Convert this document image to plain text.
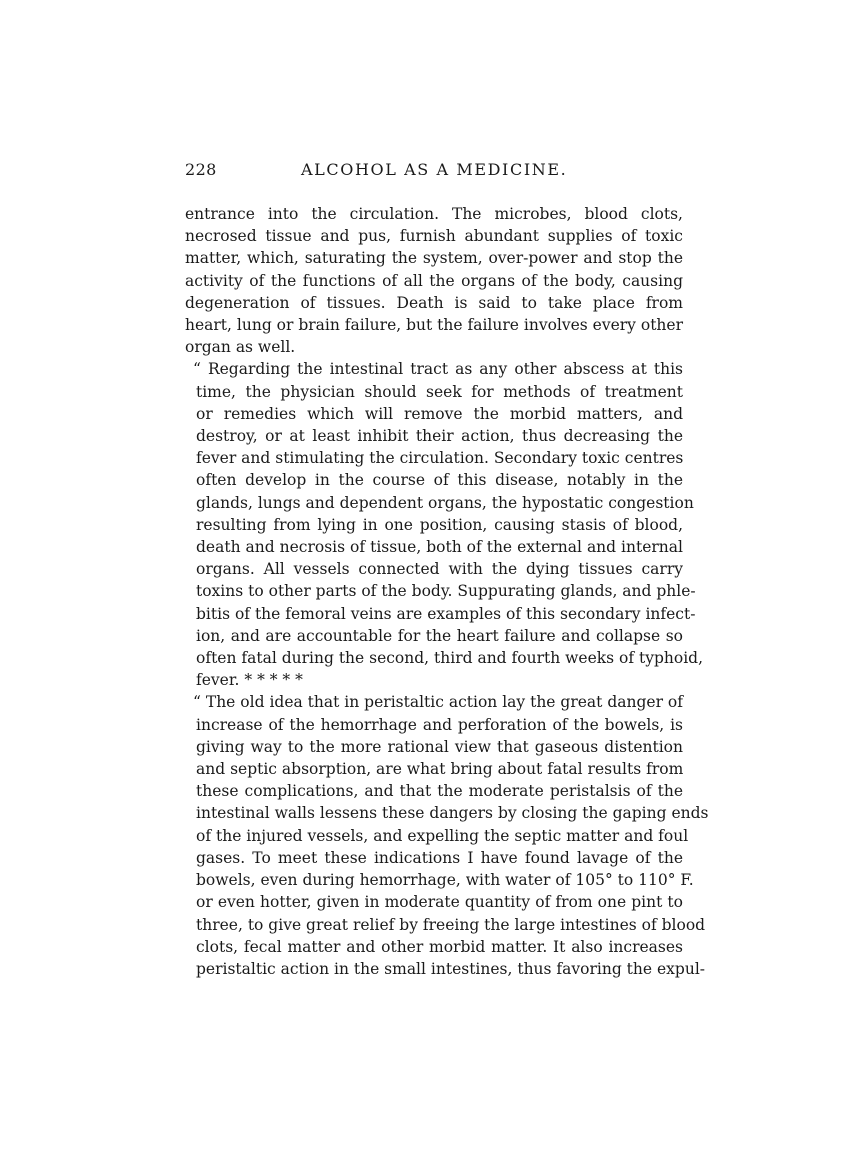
228	ALCOHOL AS A MEDICINE.

entrance into the circulation. The microbes, blood clots,
necrosed tissue and pus, furnish abundant supplies of toxic
matter, which, saturating the system, over-power and stop the
activity of the functions of all the organs of the body, causing
degeneration of tissues. Death is said to take place from
heart, lung or brain failure, but the failure involves every other
organ as well.

“ Regarding the intestinal tract as any other abscess at this
time, the physician should seek for methods of treatment
or remedies which will remove the morbid matters, and
destroy, or at least inhibit their action, thus decreasing the
fever and stimulating the circulation. Secondary toxic centres
often develop in the course of this disease, notably in the
glands, lungs and dependent organs, the hypostatic congestion
resulting from lying in one position, causing stasis of blood,
death and necrosis of tissue, both of the external and internal
organs. All vessels connected with the dying tissues carry
toxins to other parts of the body. Suppurating glands, and phle-
bitis of the femoral veins are examples of this secondary infect-
ion, and are accountable for the heart failure and collapse so
often fatal during the second, third and fourth weeks of typhoid,
fever. * * * * *

“ The old idea that in peristaltic action lay the great danger of
increase of the hemorrhage and perforation of the bowels, is
giving way to the more rational view that gaseous distention
and septic absorption, are what bring about fatal results from
these complications, and that the moderate peristalsis of the
intestinal walls lessens these dangers by closing the gaping ends
of the injured vessels, and expelling the septic matter and foul
gases. To meet these indications I have found lavage of the
bowels, even during hemorrhage, with water of 105° to 110° F.
or even hotter, given in moderate quantity of from one pint to
three, to give great relief by freeing the large intestines of blood
clots, fecal matter and other morbid matter. It also increases
peristaltic action in the small intestines, thus favoring the expul-
